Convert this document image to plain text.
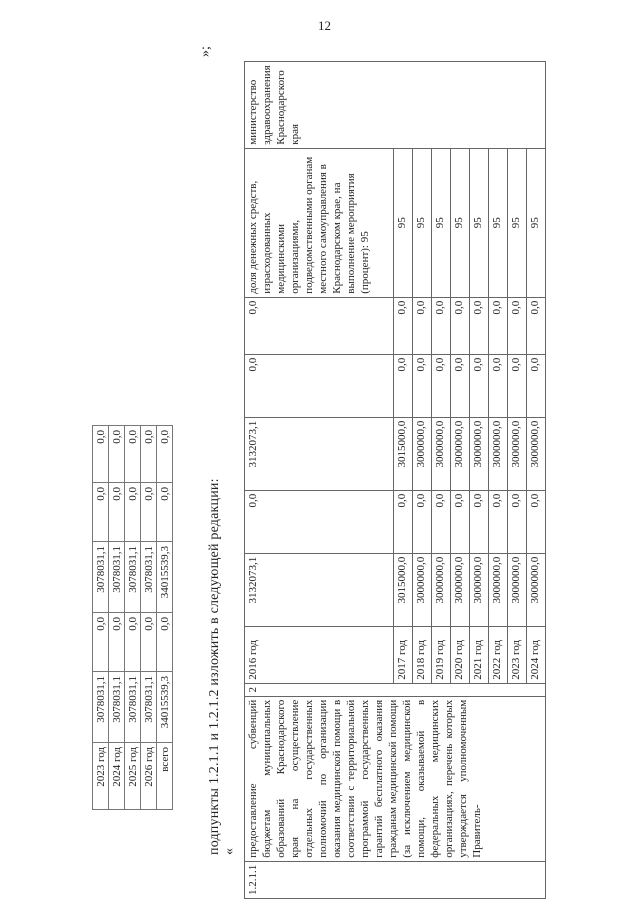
12
2023 год	3078031,1	0,0	3078031,1	0,0	0,0
2024 год	3078031,1	0,0	3078031,1	0,0	0,0
2025 год	3078031,1	0,0	3078031,1	0,0	0,0
2026 год	3078031,1	0,0	3078031,1	0,0	0,0
всего	34015539,3	0,0	34015539,3	0,0	0,0
»;
подпункты 1.2.1.1 и 1.2.1.2 изложить в следующей редакции: «
1.2.1.1	предоставление субвенций бюджетам муниципальных образований Краснодарского края на осуществление отдельных государственных полномочий по организации оказания медицинской помощи в соответствии с территориальной программой государственных гарантий бесплатного оказания гражданам медицинской помощи (за исключением медицинской помощи, оказываемой в федеральных медицинских организациях, перечень которых утверждается уполномоченным Правитель-	2	2016 год	3132073,1	0,0	3132073,1	0,0	0,0	доля денежных средств, израсходованных медицинскими организациями, подведомственными органам местного самоуправления в Краснодарском крае, на выполнение мероприятия (процент): 95	министерство здравоохранения Краснодарского края
			2017 год	3015000,0	0,0	3015000,0	0,0	0,0	95	
			2018 год	3000000,0	0,0	3000000,0	0,0	0,0	95	
			2019 год	3000000,0	0,0	3000000,0	0,0	0,0	95	
			2020 год	3000000,0	0,0	3000000,0	0,0	0,0	95	
			2021 год	3000000,0	0,0	3000000,0	0,0	0,0	95	
			2022 год	3000000,0	0,0	3000000,0	0,0	0,0	95	
			2023 год	3000000,0	0,0	3000000,0	0,0	0,0	95	
			2024 год	3000000,0	0,0	3000000,0	0,0	0,0	95	
